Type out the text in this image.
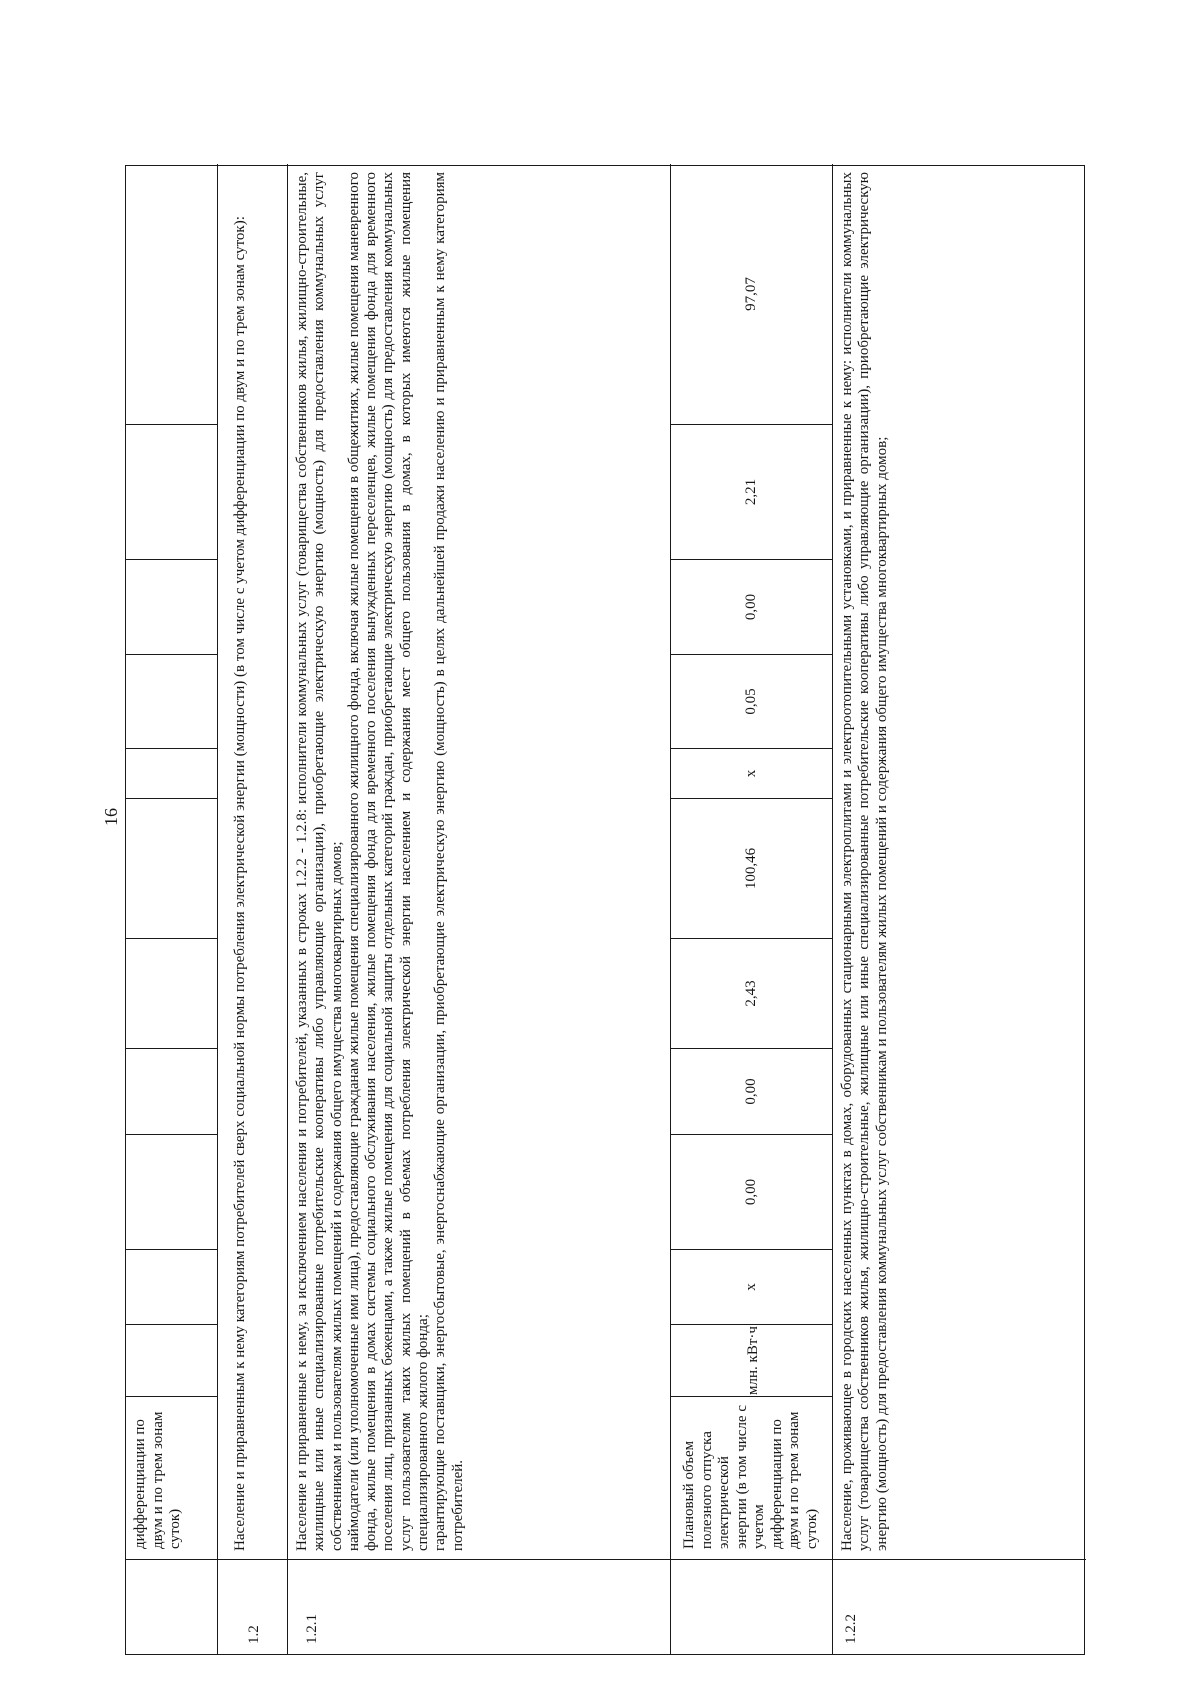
16
дифференциации по двум и по трем зонам суток)
1.2
Население и приравненным к нему категориям потребителей сверх социальной нормы потребления электрической энергии (мощности) (в том числе с учетом дифференциации по двум и по трем зонам суток):
1.2.1

Население и приравненные к нему, за исключением населения и потребителей, указанных в строках 1.2.2 - 1.2.8: исполнители коммунальных услуг (товарищества собственников жилья, жилищно-строительные, жилищные или иные специализированные потребительские кооперативы либо управляющие организации), приобретающие электрическую энергию (мощность) для предоставления коммунальных услуг собственникам и пользователям жилых помещений и содержания общего имущества многоквартирных домов; наймодатели (или уполномоченные ими лица), предоставляющие гражданам жилые помещения специализированного жилищного фонда, включая жилые помещения в общежитиях, жилые помещения маневренного фонда, жилые помещения в домах системы социального обслуживания населения, жилые помещения фонда для временного поселения вынужденных переселенцев, жилые помещения фонда для временного поселения лиц, признанных беженцами, а также жилые помещения для социальной защиты отдельных категорий граждан, приобретающие электрическую энергию (мощность) для предоставления коммунальных услуг пользователям таких жилых помещений в объемах потребления электрической энергии населением и содержания мест общего пользования в домах, в которых имеются жилые помещения специализированного жилого фонда; гарантирующие поставщики, энергосбытовые, энергоснабжающие организации, приобретающие электрическую энергию (мощность) в целях дальнейшей продажи населению и приравненным к нему категориям потребителей.	Плановый объем полезного отпуска электрической энергии (в том числе с учетом дифференциации по двум и по трем зонам суток)
млн. кВт·ч
x
0,00
0,00
2,43
100,46
x
0,05
0,00
2,21
97,07
1.2.2
Население, проживающее в городских населенных пунктах в домах, оборудованных стационарными электроплитами и электроотопительными установками, и приравненные к нему: исполнители коммунальных услуг (товарищества собственников жилья, жилищно-строительные, жилищные или иные специализированные потребительские кооперативы либо управляющие организации), приобретающие электрическую энергию (мощность) для предоставления коммунальных услуг собственникам и пользователям жилых помещений и содержания общего имущества многоквартирных домов;
